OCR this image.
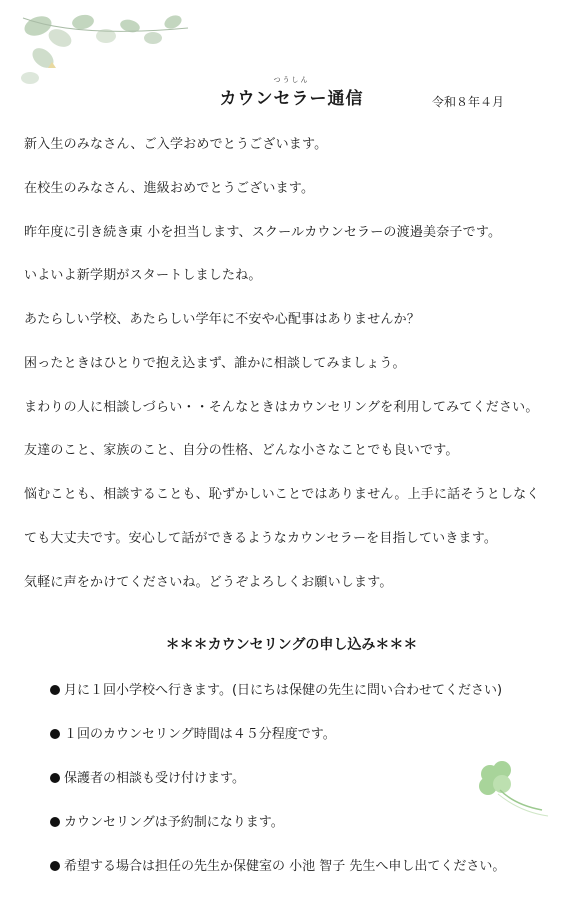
つうしん
カウンセラー通信	令和８年４月
新入生のみなさん、ご入学おめでとうございます。
在校生のみなさん、進級おめでとうございます。
昨年度に引き続き東 小を担当します、スクールカウンセラーの渡邉美奈子です。
いよいよ新学期がスタートしましたね。
あたらしい学校、あたらしい学年に不安や心配事はありませんか？
困ったときはひとりで抱え込まず、誰かに相談してみましょう。
まわりの人に相談しづらい・・そんなときはカウンセリングを利用してみてください。
友達のこと、家族のこと、自分の性格、どんな小さなことでも良いです。
悩むことも、相談することも、恥ずかしいことではありません。上手に話そうとしなく
ても大丈夫です。安心して話ができるようなカウンセラーを目指していきます。
気軽に声をかけてくださいね。どうぞよろしくお願いします。
＊＊＊カウンセリングの申し込み＊＊＊
月に１回小学校へ行きます。(日にちは保健の先生に問い合わせてください)
１回のカウンセリング時間は４５分程度です。
保護者の相談も受け付けます。
カウンセリングは予約制になります。
希望する場合は担任の先生か保健室の 小池 智子 先生へ申し出てください。
